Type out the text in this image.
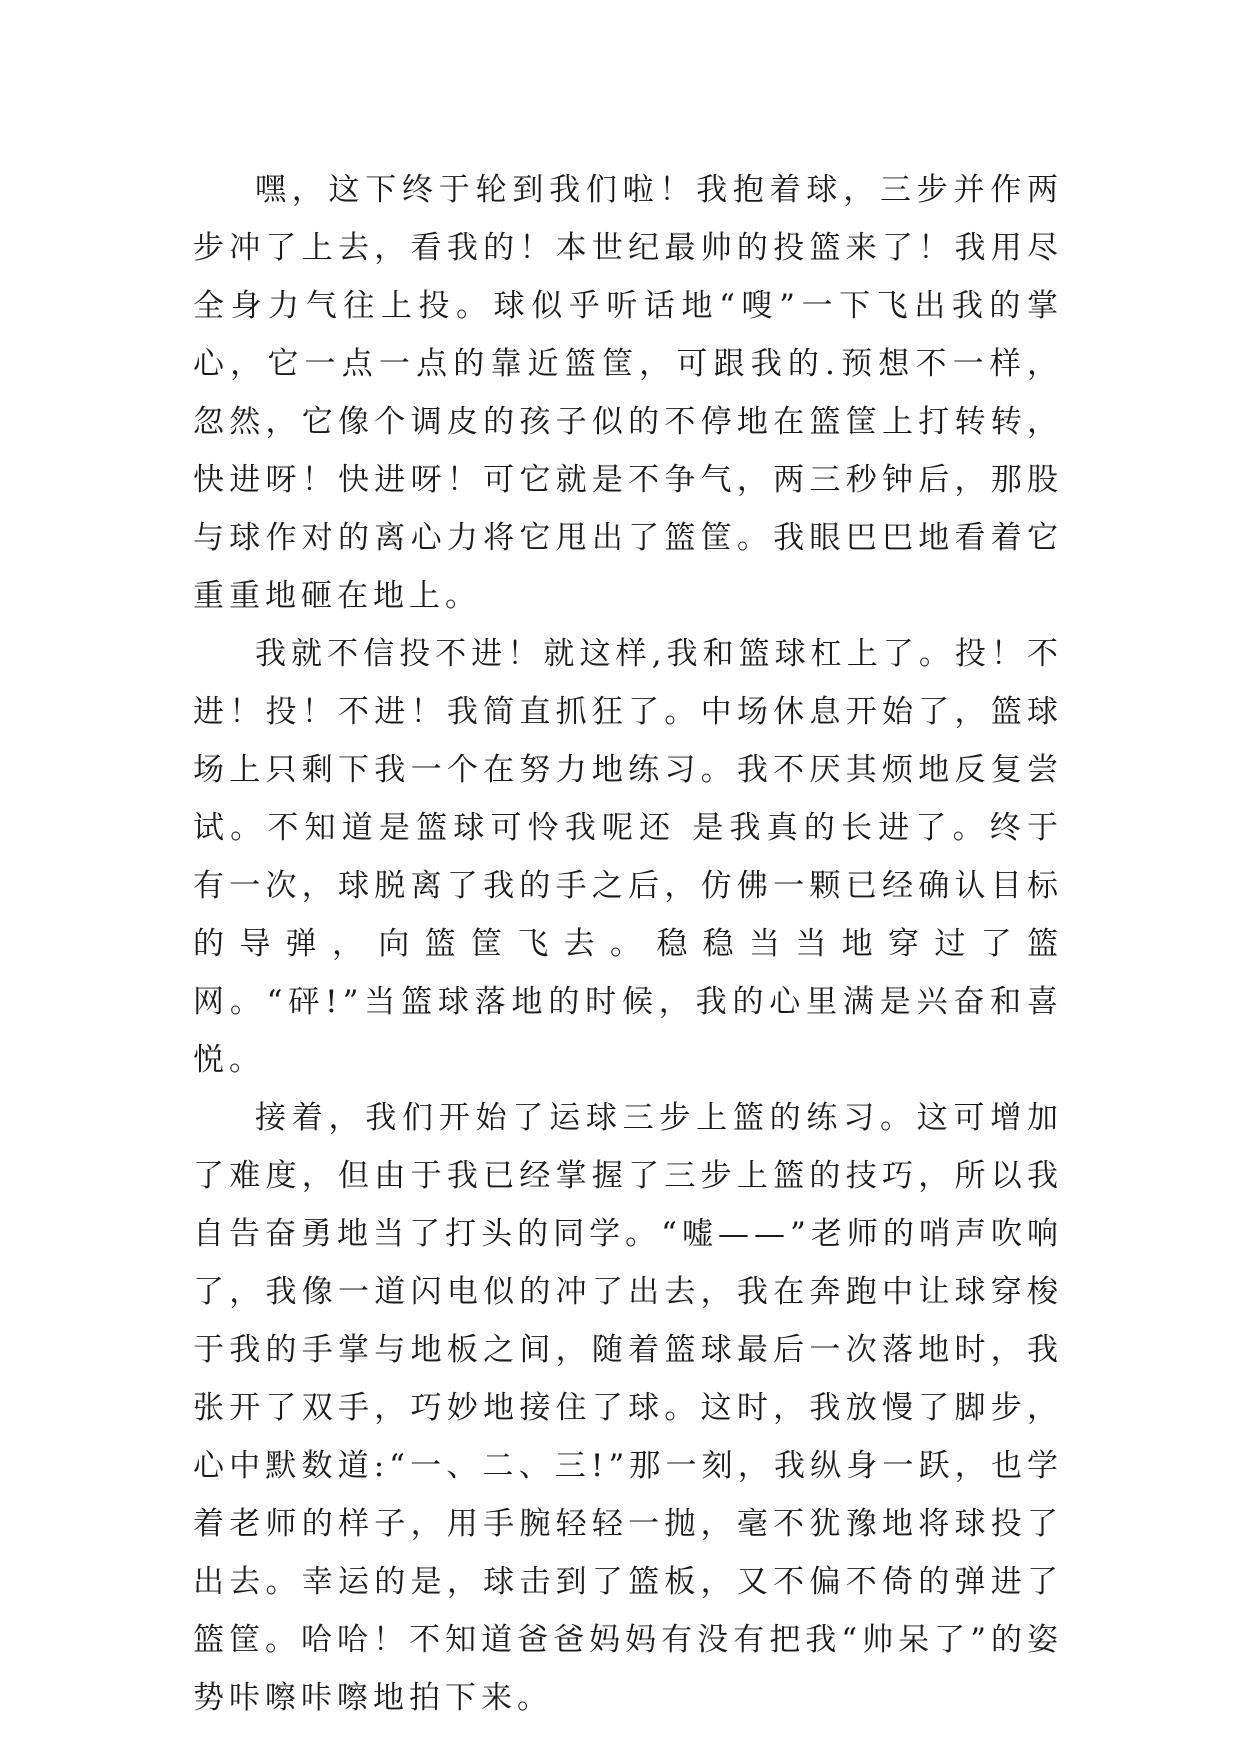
嘿，这下终于轮到我们啦！我抱着球，三步并作两步冲了上去，看我的！本世纪最帅的投篮来了！我用尽全身力气往上投。球似乎听话地“嗖”一下飞出我的掌心，它一点一点的靠近篮筐，可跟我的.预想不一样，忽然，它像个调皮的孩子似的不停地在篮筐上打转转，快进呀！快进呀！可它就是不争气，两三秒钟后，那股与球作对的离心力将它甩出了篮筐。我眼巴巴地看着它重重地砸在地上。

我就不信投不进！就这样,我和篮球杠上了。投！不进！投！不进！我简直抓狂了。中场休息开始了，篮球场上只剩下我一个在努力地练习。我不厌其烦地反复尝试。不知道是篮球可怜我呢还 是我真的长进了。终于有一次，球脱离了我的手之后，仿佛一颗已经确认目标的导弹，向篮筐飞去。稳稳当当地穿过了篮网。“砰!”当篮球落地的时候，我的心里满是兴奋和喜悦。

接着，我们开始了运球三步上篮的练习。这可增加了难度，但由于我已经掌握了三步上篮的技巧，所以我自告奋勇地当了打头的同学。“嘘——”老师的哨声吹响了，我像一道闪电似的冲了出去，我在奔跑中让球穿梭于我的手掌与地板之间，随着篮球最后一次落地时，我张开了双手，巧妙地接住了球。这时，我放慢了脚步，心中默数道:“一、二、三!”那一刻，我纵身一跃，也学着老师的样子，用手腕轻轻一抛，毫不犹豫地将球投了出去。幸运的是，球击到了篮板，又不偏不倚的弹进了篮筐。哈哈！不知道爸爸妈妈有没有把我“帅呆了”的姿势咔嚓咔嚓地拍下来。
